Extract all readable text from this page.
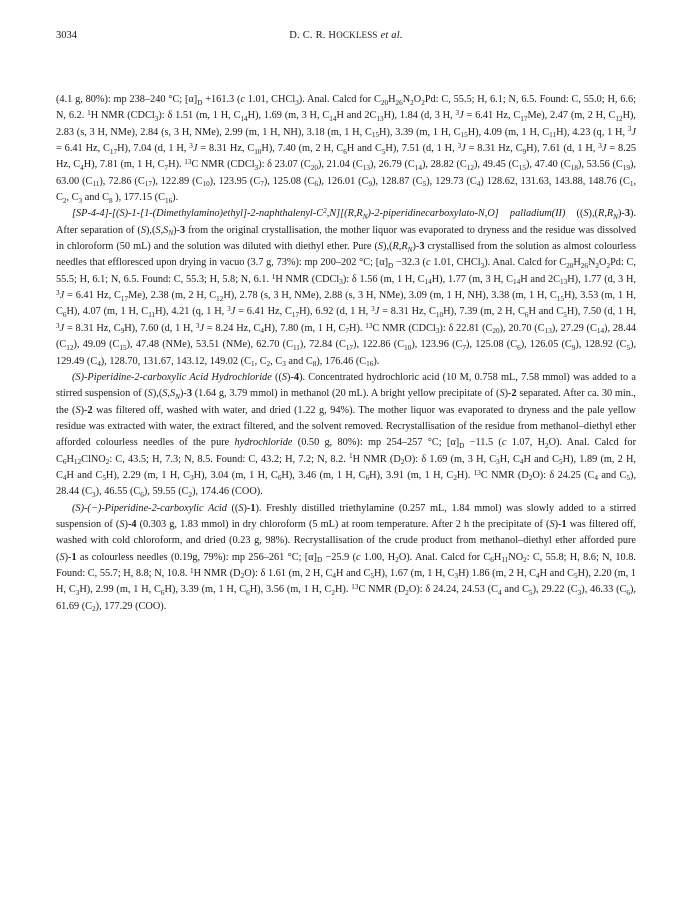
3034	D. C. R. HOCKLESS et al.

(4.1 g, 80%): mp 238–240 °C; $[\alpha]_D +161.3$ (c 1.01, CHCl$_3$). Anal. Calcd for $C_{20}H_{26}N_2O_2Pd$: C, 55.5; H, 6.1; N, 6.5. Found: C, 55.0; H, 6.6; N, 6.2. $^1$H NMR (CDCl$_3$): δ 1.51 (m, 1 H, $C_{14}H$), 1.69 (m, 3 H, $C_{14}H$ and $2C_{13}H$), 1.84 (d, 3 H, $^3$J = 6.41 Hz, $C_{17}Me$), 2.47 (m, 2 H, $C_{12}H$), 2.83 (s, 3 H, NMe), 2.84 (s, 3 H, NMe), 2.99 (m, 1 H, NH), 3.18 (m, 1 H, $C_{15}H$), 3.39 (m, 1 H, $C_{15}H$), 4.09 (m, 1 H, $C_{11}H$), 4.23 (q, 1 H, $^3$J = 6.41 Hz, $C_{17}H$), 7.04 (d, 1 H, $^3$J = 8.31 Hz, $C_{10}H$), 7.40 (m, 2 H, $C_6H$ and $C_5H$), 7.51 (d, 1 H, $^3$J = 8.31 Hz, $C_9H$), 7.61 (d, 1 H, $^3$J = 8.25 Hz, $C_4H$), 7.81 (m, 1 H, $C_7H$). $^{13}$C NMR (CDCl$_3$): δ 23.07 $(C_{20})$, 21.04 $(C_{13})$, 26.79 $(C_{14})$, 28.82 $(C_{12})$, 49.45 $(C_{15})$, 47.40 $(C_{18})$, 53.56 $(C_{19})$, 63.00 $(C_{11})$, 72.86 $(C_{17})$, 122.89 $(C_{10})$, 123.95 $(C_7)$, 125.08 $(C_6)$, 126.01 $(C_9)$, 128.87 $(C_5)$, 129.73 $(C_4)$ 128.62, 131.63, 143.88, 148.76 ($C_1$, $C_2$, $C_3$ and $C_8$ ), 177.15 $(C_{16})$.

$[SP-4-4]-[(S)-1-[1-(Dimethylamino)ethyl]-2-naphthalenyl-C^2,N][(R,R_N)-2-piperidinecarboxylato-N,O]$ palladium(II) $((S),(R,R_N)-3)$. After separation of $(S),(S,S_N)-3$ from the original crystallisation, the mother liquor was evaporated to dryness and the residue was dissolved in chloroform (50 mL) and the solution was diluted with diethyl ether. Pure $(S),(R,R_N)-3$ crystallised from the solution as almost colourless needles that effloresced upon drying in vacuo (3.7 g, 73%): mp 200–202 °C; $[\alpha]_D -32.3$ (c 1.01, CHCl$_3$). Anal. Calcd for $C_{20}H_{26}N_2O_2Pd$: C, 55.5; H, 6.1; N, 6.5. Found: C, 55.3; H, 5.8; N, 6.1. $^1$H NMR (CDCl$_3$): δ 1.56 (m, 1 H, $C_{14}H$), 1.77 (m, 3 H, $C_{14}H$ and $2C_{13}H$), 1.77 (d, 3 H, $^3$J = 6.41 Hz, $C_{17}Me$), 2.38 (m, 2 H, $C_{12}H$), 2.78 (s, 3 H, NMe), 2.88 (s, 3 H, NMe), 3.09 (m, 1 H, NH), 3.38 (m, 1 H, $C_{15}H$), 3.53 (m, 1 H, $C_6H$), 4.07 (m, 1 H, $C_{11}H$), 4.21 (q, 1 H, $^3$J = 6.41 Hz, $C_{17}H$), 6.92 (d, 1 H, $^3$J = 8.31 Hz, $C_{10}H$), 7.39 (m, 2 H, $C_6H$ and $C_5H$), 7.50 (d, 1 H, $^3$J = 8.31 Hz, $C_9H$), 7.60 (d, 1 H, $^3$J = 8.24 Hz, $C_4H$), 7.80 (m, 1 H, $C_7H$). $^{13}$C NMR (CDCl$_3$): δ 22.81 $(C_{20})$, 20.70 $(C_{13})$, 27.29 $(C_{14})$, 28.44 $(C_{12})$, 49.09 $(C_{15})$, 47.48 (NMe), 53.51 (NMe), 62.70 $(C_{11})$, 72.84 $(C_{17})$, 122.86 $(C_{10})$, 123.96 $(C_7)$, 125.08 $(C_6)$, 126.05 $(C_9)$, 128.92 $(C_5)$, 129.49 $(C_4)$, 128.70, 131.67, 143.12, 149.02 ($C_1$, $C_2$, $C_3$ and $C_8$), 176.46 $(C_{16})$.

(S)-Piperidine-2-carboxylic Acid Hydrochloride ((S)-4). Concentrated hydrochloric acid (10 M, 0.758 mL, 7.58 mmol) was added to a stirred suspension of $(S),(S,S_N)-3$ (1.64 g, 3.79 mmol) in methanol (20 mL). A bright yellow precipitate of (S)-2 separated. After ca. 30 min., the (S)-2 was filtered off, washed with water, and dried (1.22 g, 94%). The mother liquor was evaporated to dryness and the pale yellow residue was extracted with water, the extract filtered, and the solvent removed. Recrystallisation of the residue from methanol–diethyl ether afforded colourless needles of the pure hydrochloride (0.50 g, 80%): mp 254–257 °C; $[\alpha]_D -11.5$ (c 1.07, $H_2O$). Anal. Calcd for $C_6H_{12}ClNO_2$: C, 43.5; H, 7.3; N, 8.5. Found: C, 43.2; H, 7.2; N, 8.2. $^1$H NMR $(D_2O)$: δ 1.69 (m, 3 H, $C_3H$, $C_4H$ and $C_5H$), 1.89 (m, 2 H, $C_4H$ and $C_5H$), 2.29 (m, 1 H, $C_3H$), 3.04 (m, 1 H, $C_6H$), 3.46 (m, 1 H, $C_6H$), 3.91 (m, 1 H, $C_2H$). $^{13}$C NMR $(D_2O)$: δ 24.25 ($C_4$ and $C_5$), 28.44 $(C_3)$, 46.55 $(C_6)$, 59.55 $(C_2)$, 174.46 (COO).

(S)-(−)-Piperidine-2-carboxylic Acid ((S)-1). Freshly distilled triethylamine (0.257 mL, 1.84 mmol) was slowly added to a stirred suspension of (S)-4 (0.303 g, 1.83 mmol) in dry chloroform (5 mL) at room temperature. After 2 h the precipitate of (S)-1 was filtered off, washed with cold chloroform, and dried (0.23 g, 98%). Recrystallisation of the crude product from methanol–diethyl ether afforded pure (S)-1 as colourless needles (0.19g, 79%): mp 256–261 °C; $[\alpha]_D -25.9$ (c 1.00, $H_2O$). Anal. Calcd for $C_6H_{11}NO_2$: C, 55.8; H, 8.6; N, 10.8. Found: C, 55.7; H, 8.8; N, 10.8. $^1$H NMR $(D_2O)$: δ 1.61 (m, 2 H, $C_4H$ and $C_5H$), 1.67 (m, 1 H, $C_3H$) 1.86 (m, 2 H, $C_4H$ and $C_5H$), 2.20 (m, 1 H, $C_3H$), 2.99 (m, 1 H, $C_6H$), 3.39 (m, 1 H, $C_6H$), 3.56 (m, 1 H, $C_2H$). $^{13}$C NMR $(D_2O)$: δ 24.24, 24.53 ($C_4$ and $C_5$), 29.22 $(C_3)$, 46.33 $(C_6)$, 61.69 $(C_2)$, 177.29 (COO).
